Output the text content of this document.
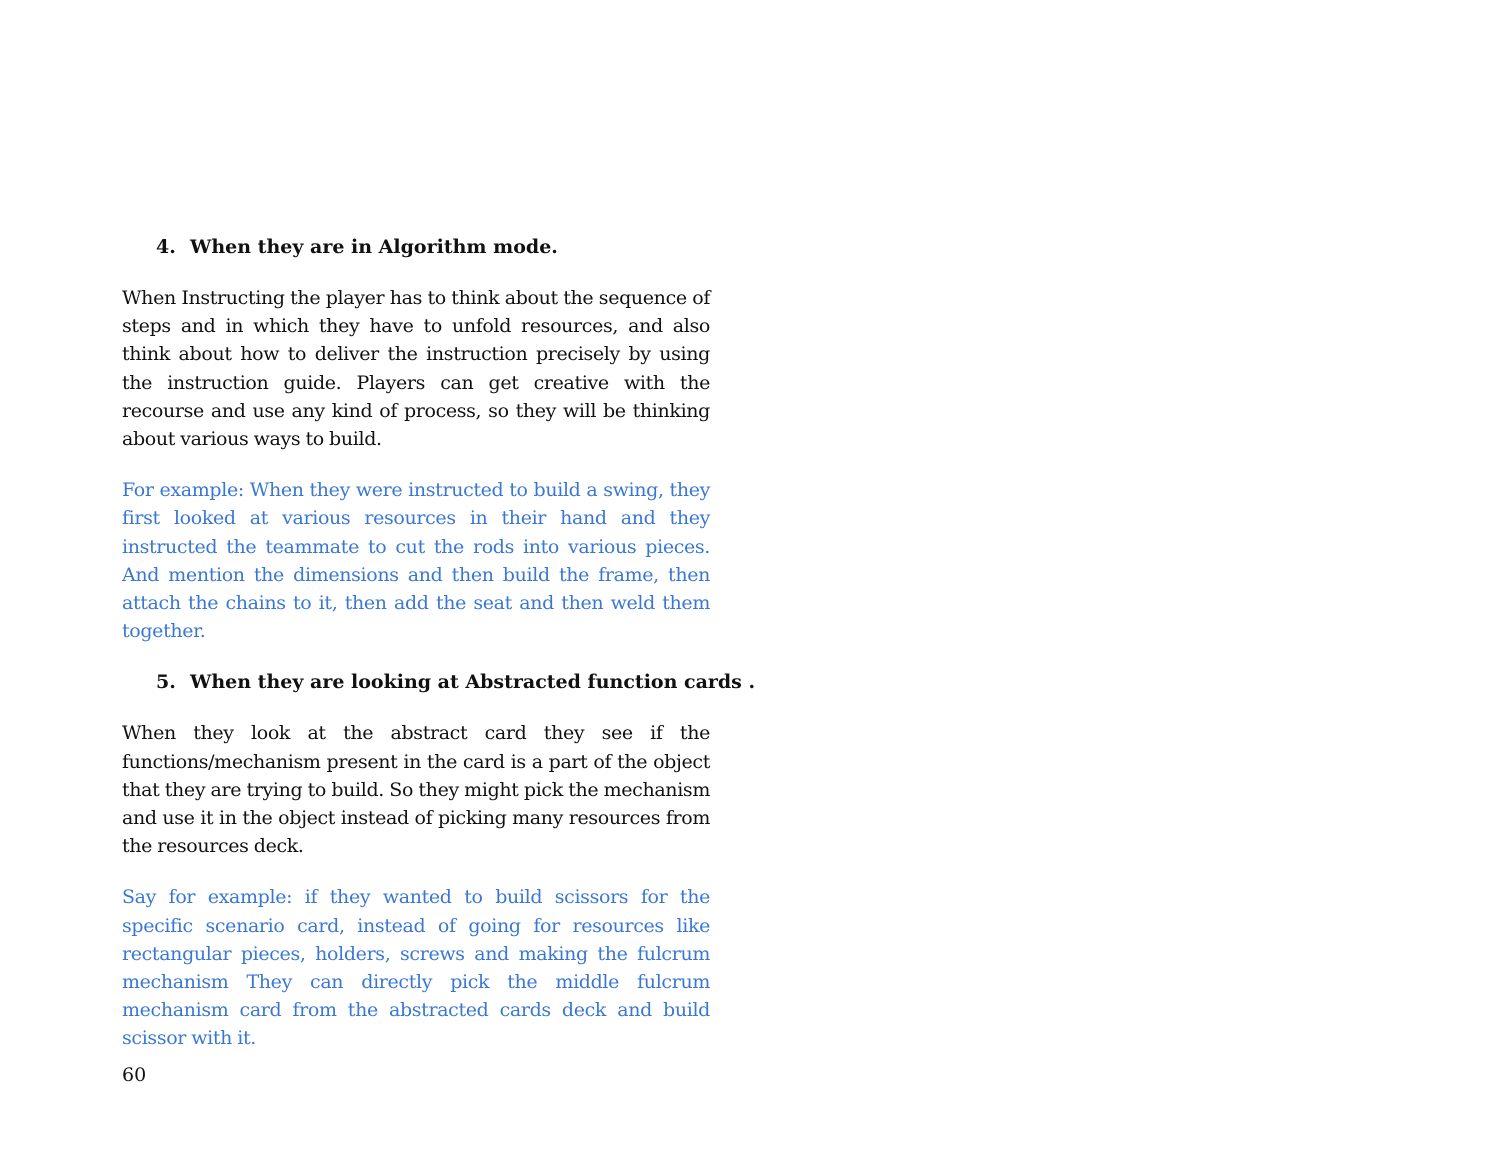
4. When they are in Algorithm mode.

When Instructing the player has to think about the sequence of steps and in which they have to unfold resources, and also think about how to deliver the instruction precisely by using the instruction guide. Players can get creative with the recourse and use any kind of process, so they will be thinking about various ways to build.

For example: When they were instructed to build a swing, they first looked at various resources in their hand and they instructed the teammate to cut the rods into various pieces. And mention the dimensions and then build the frame, then attach the chains to it, then add the seat and then weld them together.

5. When they are looking at Abstracted function cards .

When they look at the abstract card they see if the functions/mechanism present in the card is a part of the object that they are trying to build. So they might pick the mechanism and use it in the object instead of picking many resources from the resources deck.

Say for example: if they wanted to build scissors for the specific scenario card, instead of going for resources like rectangular pieces, holders, screws and making the fulcrum mechanism They can directly pick the middle fulcrum mechanism card from the abstracted cards deck and build scissor with it.

60
